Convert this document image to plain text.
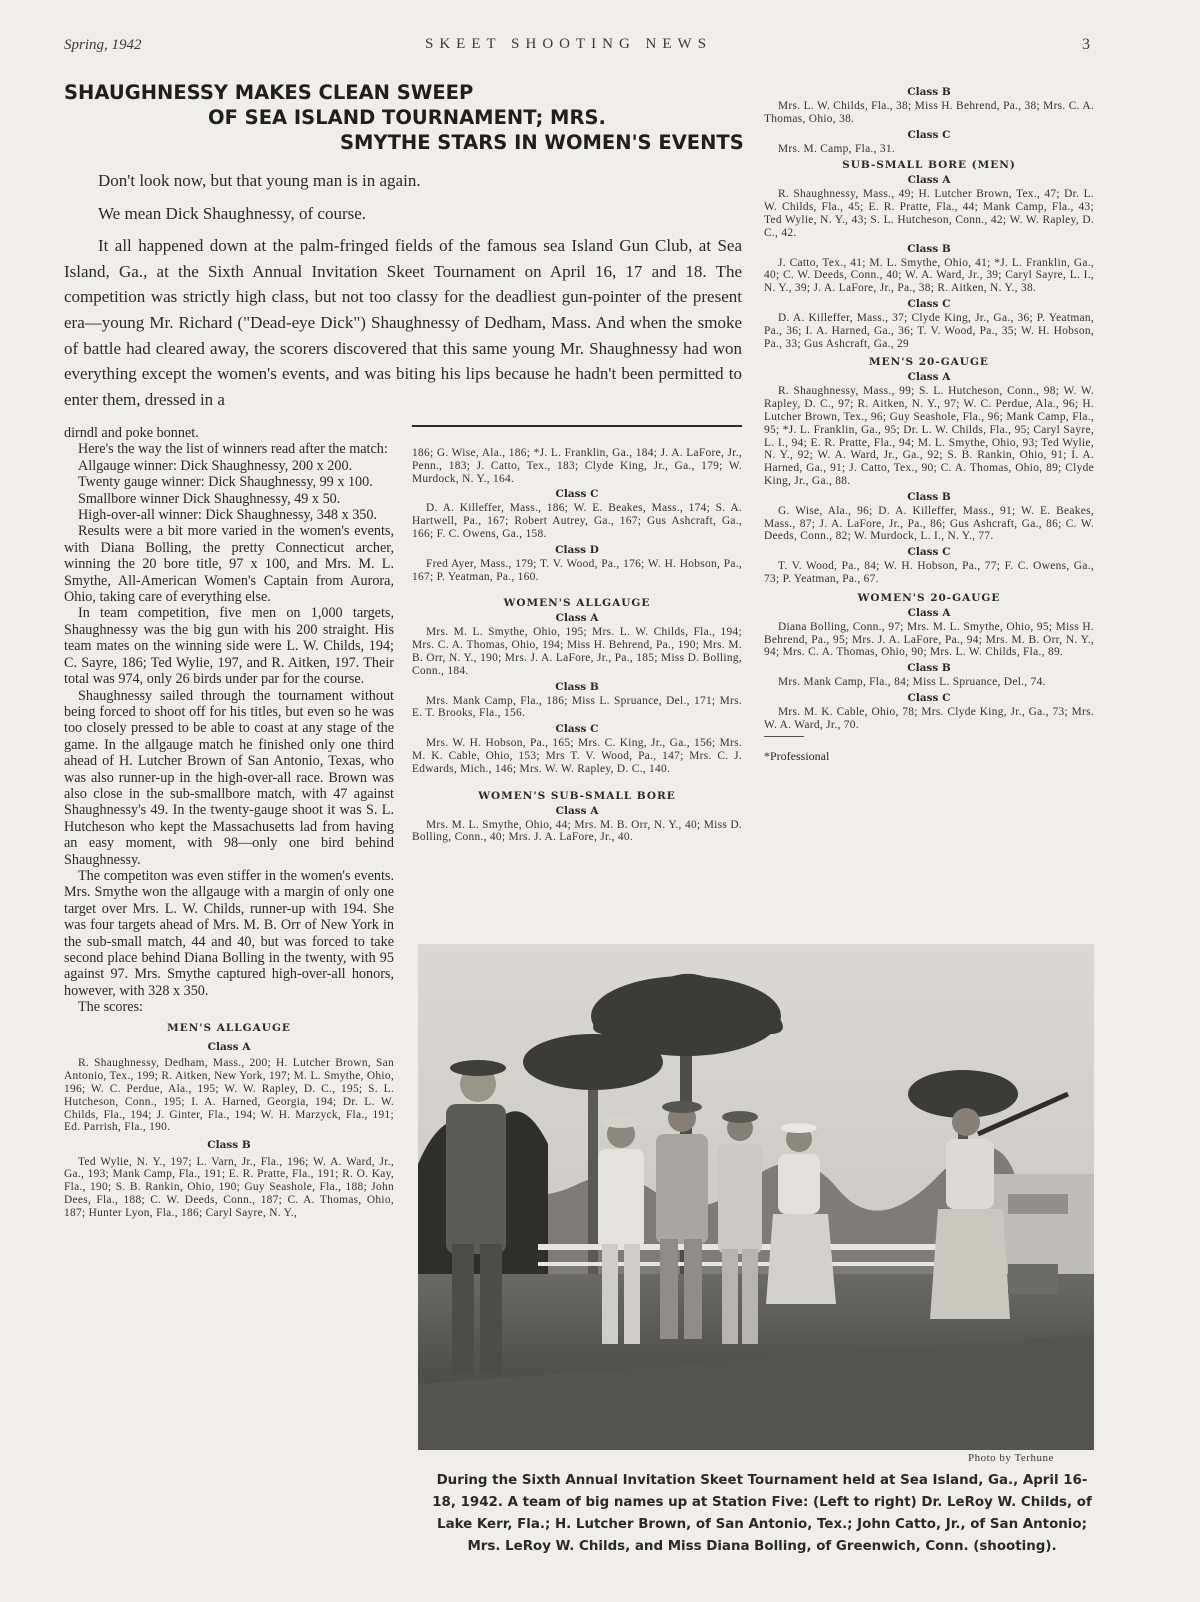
Spring, 1942	SKEET SHOOTING NEWS	3
SHAUGHNESSY MAKES CLEAN SWEEP
OF SEA ISLAND TOURNAMENT; MRS.
SMYTHE STARS IN WOMEN'S EVENTS

Don't look now, but that young man is in again.

We mean Dick Shaughnessy, of course.

It all happened down at the palm-fringed fields of the famous sea Island Gun Club, at Sea Island, Ga., at the Sixth Annual Invitation Skeet Tournament on April 16, 17 and 18. The competition was strictly high class, but not too classy for the deadliest gun-pointer of the present era—young Mr. Richard ("Dead-eye Dick") Shaughnessy of Dedham, Mass. And when the smoke of battle had cleared away, the scorers discovered that this same young Mr. Shaughnessy had won everything except the women's events, and was biting his lips because he hadn't been permitted to enter them, dressed in a

dirndl and poke bonnet.

Here's the way the list of winners read after the match:

Allgauge winner: Dick Shaughnessy, 200 x 200.

Twenty gauge winner: Dick Shaughnessy, 99 x 100.

Smallbore winner Dick Shaughnessy, 49 x 50.

High-over-all winner: Dick Shaughnessy, 348 x 350.

Results were a bit more varied in the women's events, with Diana Bolling, the pretty Connecticut archer, winning the 20 bore title, 97 x 100, and Mrs. M. L. Smythe, All-American Women's Captain from Aurora, Ohio, taking care of everything else.

In team competition, five men on 1,000 targets, Shaughnessy was the big gun with his 200 straight. His team mates on the winning side were L. W. Childs, 194; C. Sayre, 186; Ted Wylie, 197, and R. Aitken, 197. Their total was 974, only 26 birds under par for the course.

Shaughnessy sailed through the tournament without being forced to shoot off for his titles, but even so he was too closely pressed to be able to coast at any stage of the game. In the allgauge match he finished only one third ahead of H. Lutcher Brown of San Antonio, Texas, who was also runner-up in the high-over-all race. Brown was also close in the sub-smallbore match, with 47 against Shaughnessy's 49. In the twenty-gauge shoot it was S. L. Hutcheson who kept the Massachusetts lad from having an easy moment, with 98—only one bird behind Shaughnessy.

The competiton was even stiffer in the women's events. Mrs. Smythe won the allgauge with a margin of only one target over Mrs. L. W. Childs, runner-up with 194. She was four targets ahead of Mrs. M. B. Orr of New York in the sub-small match, 44 and 40, but was forced to take second place behind Diana Bolling in the twenty, with 95 against 97. Mrs. Smythe captured high-over-all honors, however, with 328 x 350.

The scores:

MEN'S ALLGAUGE
Class A
R. Shaughnessy, Dedham, Mass., 200; H. Lutcher Brown, San Antonio, Tex., 199; R. Aitken, New York, 197; M. L. Smythe, Ohio, 196; W. C. Perdue, Ala., 195; W. W. Rapley, D. C., 195; S. L. Hutcheson, Conn., 195; I. A. Harned, Georgia, 194; Dr. L. W. Childs, Fla., 194; J. Ginter, Fla., 194; W. H. Marzyck, Fla., 191; Ed. Parrish, Fla., 190.
Class B
Ted Wylie, N. Y., 197; L. Varn, Jr., Fla., 196; W. A. Ward, Jr., Ga., 193; Mank Camp, Fla., 191; E. R. Pratte, Fla., 191; R. O. Kay, Fla., 190; S. B. Rankin, Ohio, 190; Guy Seashole, Fla., 188; John Dees, Fla., 188; C. W. Deeds, Conn., 187; C. A. Thomas, Ohio, 187; Hunter Lyon, Fla., 186; Caryl Sayre, N. Y.,
186; G. Wise, Ala., 186; *J. L. Franklin, Ga., 184; J. A. LaFore, Jr., Penn., 183; J. Catto, Tex., 183; Clyde King, Jr., Ga., 179; W. Murdock, N. Y., 164.
Class C
D. A. Killeffer, Mass., 186; W. E. Beakes, Mass., 174; S. A. Hartwell, Pa., 167; Robert Autrey, Ga., 167; Gus Ashcraft, Ga., 166; F. C. Owens, Ga., 158.
Class D
Fred Ayer, Mass., 179; T. V. Wood, Pa., 176; W. H. Hobson, Pa., 167; P. Yeatman, Pa., 160.
WOMEN'S ALLGAUGE
Class A
Mrs. M. L. Smythe, Ohio, 195; Mrs. L. W. Childs, Fla., 194; Mrs. C. A. Thomas, Ohio, 194; Miss H. Behrend, Pa., 190; Mrs. M. B. Orr, N. Y., 190; Mrs. J. A. LaFore, Jr., Pa., 185; Miss D. Bolling, Conn., 184.
Class B
Mrs. Mank Camp, Fla., 186; Miss L. Spruance, Del., 171; Mrs. E. T. Brooks, Fla., 156.
Class C
Mrs. W. H. Hobson, Pa., 165; Mrs. C. King, Jr., Ga., 156; Mrs. M. K. Cable, Ohio, 153; Mrs T. V. Wood, Pa., 147; Mrs. C. J. Edwards, Mich., 146; Mrs. W. W. Rapley, D. C., 140.
WOMEN'S SUB-SMALL BORE
Class A
Mrs. M. L. Smythe, Ohio, 44; Mrs. M. B. Orr, N. Y., 40; Miss D. Bolling, Conn., 40; Mrs. J. A. LaFore, Jr., 40.
Class B
Mrs. L. W. Childs, Fla., 38; Miss H. Behrend, Pa., 38; Mrs. C. A. Thomas, Ohio, 38.
Class C
Mrs. M. Camp, Fla., 31.
SUB-SMALL BORE (MEN)
Class A
R. Shaughnessy, Mass., 49; H. Lutcher Brown, Tex., 47; Dr. L. W. Childs, Fla., 45; E. R. Pratte, Fla., 44; Mank Camp, Fla., 43; Ted Wylie, N. Y., 43; S. L. Hutcheson, Conn., 42; W. W. Rapley, D. C., 42.
Class B
J. Catto, Tex., 41; M. L. Smythe, Ohio, 41; *J. L. Franklin, Ga., 40; C. W. Deeds, Conn., 40; W. A. Ward, Jr., 39; Caryl Sayre, L. I., N. Y., 39; J. A. LaFore, Jr., Pa., 38; R. Aitken, N. Y., 38.
Class C
D. A. Killeffer, Mass., 37; Clyde King, Jr., Ga., 36; P. Yeatman, Pa., 36; I. A. Harned, Ga., 36; T. V. Wood, Pa., 35; W. H. Hobson, Pa., 33; Gus Ashcraft, Ga., 29
MEN'S 20-GAUGE
Class A
R. Shaughnessy, Mass., 99; S. L. Hutcheson, Conn., 98; W. W. Rapley, D. C., 97; R. Aitken, N. Y., 97; W. C. Perdue, Ala., 96; H. Lutcher Brown, Tex., 96; Guy Seashole, Fla., 96; Mank Camp, Fla., 95; *J. L. Franklin, Ga., 95; Dr. L. W. Childs, Fla., 95; Caryl Sayre, L. I., 94; E. R. Pratte, Fla., 94; M. L. Smythe, Ohio, 93; Ted Wylie, N. Y., 92; W. A. Ward, Jr., Ga., 92; S. B. Rankin, Ohio, 91; I. A. Harned, Ga., 91; J. Catto, Tex., 90; C. A. Thomas, Ohio, 89; Clyde King, Jr., Ga., 88.
Class B
G. Wise, Ala., 96; D. A. Killeffer, Mass., 91; W. E. Beakes, Mass., 87; J. A. LaFore, Jr., Pa., 86; Gus Ashcraft, Ga., 86; C. W. Deeds, Conn., 82; W. Murdock, L. I., N. Y., 77.
Class C
T. V. Wood, Pa., 84; W. H. Hobson, Pa., 77; F. C. Owens, Ga., 73; P. Yeatman, Pa., 67.
WOMEN'S 20-GAUGE
Class A
Diana Bolling, Conn., 97; Mrs. M. L. Smythe, Ohio, 95; Miss H. Behrend, Pa., 95; Mrs. J. A. LaFore, Pa., 94; Mrs. M. B. Orr, N. Y., 94; Mrs. C. A. Thomas, Ohio, 90; Mrs. L. W. Childs, Fla., 89.
Class B
Mrs. Mank Camp, Fla., 84; Miss L. Spruance, Del., 74.
Class C
Mrs. M. K. Cable, Ohio, 78; Mrs. Clyde King, Jr., Ga., 73; Mrs. W. A. Ward, Jr., 70.
*Professional
Photo by Terhune
During the Sixth Annual Invitation Skeet Tournament held at Sea Island, Ga., April 16-18, 1942. A team of big names up at Station Five: (Left to right) Dr. LeRoy W. Childs, of Lake Kerr, Fla.; H. Lutcher Brown, of San Antonio, Tex.; John Catto, Jr., of San Antonio; Mrs. LeRoy W. Childs, and Miss Diana Bolling, of Greenwich, Conn. (shooting).
